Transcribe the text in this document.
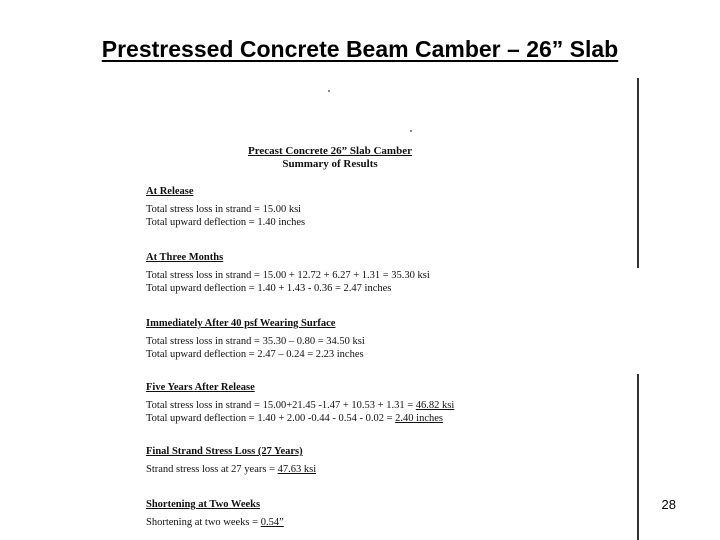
Prestressed Concrete Beam Camber – 26” Slab
Precast Concrete 26” Slab Camber
Summary of Results
At Release
Total stress loss in strand = 15.00 ksi
Total upward deflection = 1.40 inches
At Three Months
Total stress loss in strand = 15.00 + 12.72 + 6.27 + 1.31 = 35.30 ksi
Total upward deflection = 1.40 + 1.43 - 0.36 = 2.47 inches
Immediately After 40 psf Wearing Surface
Total stress loss in strand = 35.30 – 0.80 = 34.50 ksi
Total upward deflection = 2.47 – 0.24 = 2.23 inches
Five Years After Release
Total stress loss in strand = 15.00+21.45 -1.47 + 10.53 + 1.31 = 46.82 ksi
Total upward deflection = 1.40 + 2.00 -0.44 - 0.54 - 0.02 = 2.40 inches
Final Strand Stress Loss (27 Years)
Strand stress loss at 27 years = 47.63 ksi
Shortening at Two Weeks
Shortening at two weeks = 0.54”
28
